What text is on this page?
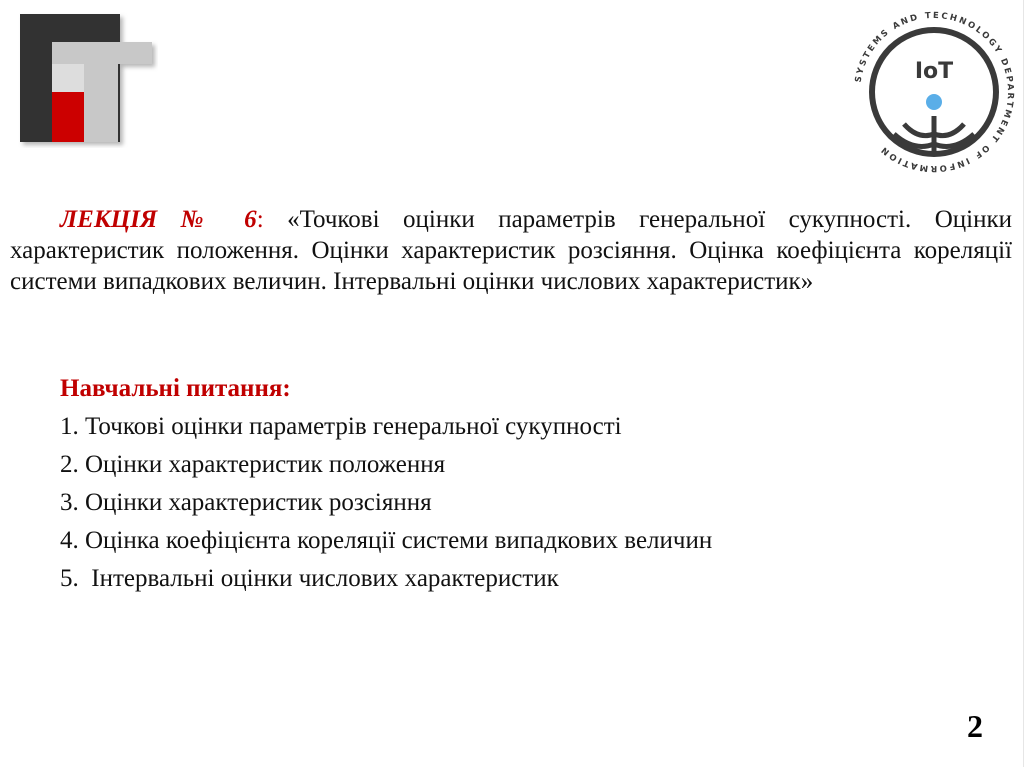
SYSTEMS AND TECHNOLOGY DEPARTMENT OF INFORMATION
IoT

ЛЕКЦІЯ № 6: «Точкові оцінки параметрів генеральної сукупності. Оцінки характеристик положення. Оцінки характеристик розсіяння. Оцінка коефіцієнта кореляції системи випадкових величин. Інтервальні оцінки числових характеристик»

Навчальні питання:

1. Точкові оцінки параметрів генеральної сукупності
2. Оцінки характеристик положення
3. Оцінки характеристик розсіяння
4. Оцінка коефіцієнта кореляції системи випадкових величин
5.  Інтервальні оцінки числових характеристик
2
